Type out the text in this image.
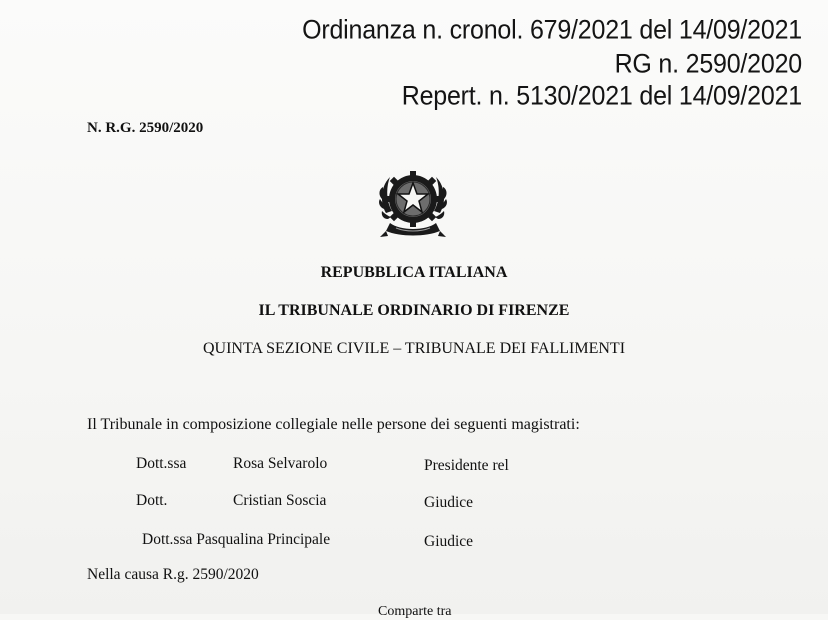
Ordinanza n. cronol. 679/2021 del 14/09/2021
RG n. 2590/2020
Repert. n. 5130/2021 del 14/09/2021
N. R.G. 2590/2020
REPUBBLICA ITALIANA
IL TRIBUNALE ORDINARIO DI FIRENZE
QUINTA SEZIONE CIVILE – TRIBUNALE DEI FALLIMENTI
Il Tribunale in composizione collegiale nelle persone dei seguenti magistrati:
Dott.ssa	Rosa Selvarolo	Presidente rel
Dott.	Cristian Soscia	Giudice
Dott.ssa Pasqualina Principale	Giudice
Nella causa R.g. 2590/2020
Comparte tra
